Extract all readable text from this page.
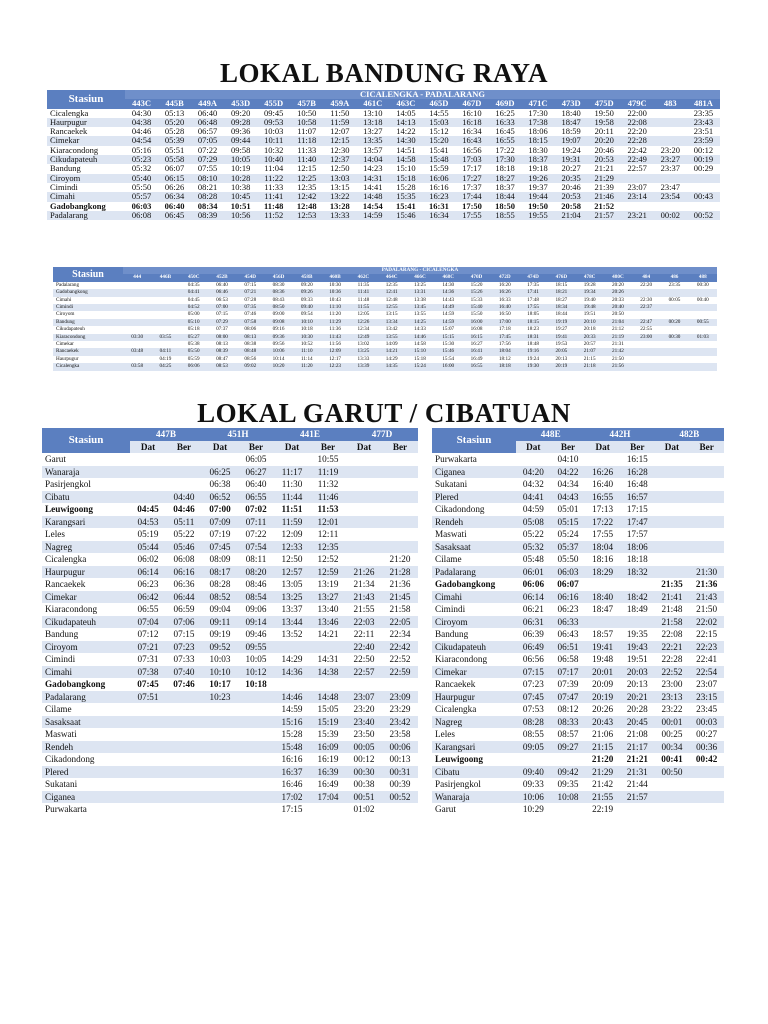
LOKAL BANDUNG RAYA
Stasiun	CICALENGKA - PADALARANG																	
	443C	445B	449A	453D	455D	457B	459A	461C	463C	465D	467D	469D	471C	473D	475D	479C	483	481A
Cicalengka	04:30	05:13	06:40	09:20	09:45	10:50	11:50	13:10	14:05	14:55	16:10	16:25	17:30	18:40	19:50	22:00		23:35
Haurpugur	04:38	05:20	06:48	09:28	09:53	10:58	11:59	13:18	14:13	15:03	16:18	16:33	17:38	18:47	19:58	22:08		23:43
Rancaekek	04:46	05:28	06:57	09:36	10:03	11:07	12:07	13:27	14:22	15:12	16:34	16:45	18:06	18:59	20:11	22:20		23:51
Cimekar	04:54	05:39	07:05	09:44	10:11	11:18	12:15	13:35	14:30	15:20	16:43	16:55	18:15	19:07	20:20	22:28		23:59
Kiaracondong	05:16	05:51	07:22	09:58	10:32	11:33	12:30	13:57	14:51	15:41	16:56	17:22	18:30	19:24	20:46	22:42	23:20	00:12
Cikudapateuh	05:23	05:58	07:29	10:05	10:40	11:40	12:37	14:04	14:58	15:48	17:03	17:30	18:37	19:31	20:53	22:49	23:27	00:19
Bandung	05:32	06:07	07:55	10:19	11:04	12:15	12:50	14:23	15:10	15:59	17:17	18:18	19:18	20:27	21:21	22:57	23:37	00:29
Ciroyom	05:40	06:15	08:10	10:28	11:22	12:25	13:03	14:31	15:18	16:06	17:27	18:27	19:26	20:35	21:29			
Cimindi	05:50	06:26	08:21	10:38	11:33	12:35	13:15	14:41	15:28	16:16	17:37	18:37	19:37	20:46	21:39	23:07	23:47	
Cimahi	05:57	06:34	08:28	10:45	11:41	12:42	13:22	14:48	15:35	16:23	17:44	18:44	19:44	20:53	21:46	23:14	23:54	00:43
Gadobangkong	06:03	06:40	08:34	10:51	11:48	12:48	13:28	14:54	15:41	16:31	17:50	18:50	19:50	20:58	21:52			
Padalarang	06:08	06:45	08:39	10:56	11:52	12:53	13:33	14:59	15:46	16:34	17:55	18:55	19:55	21:04	21:57	23:21	00:02	00:52
Stasiun	PADALARANG - CICALENGKA																				
	444	446B	450C	452B	454D	456D	458B	460B	462C	464C	466C	468C	470D	472D	474D	476D	478C	480C	484	486	488
Padalarang			04:35	06:40	07:15	08:30	09:20	10:30	11:35	12:35	13:25	14:30	15:20	16:20	17:35	18:15	19:28	20:20	22:20	23:35	00:30
Gadobangkong			04:41	06:46	07:21	08:36	09:26	10:36	11:41	12:41	13:31	14:36	15:26	16:26	17:41	18:21	19:34	20:26			
Cimahi			04:45	06:53	07:28	08:43	09:33	10:43	11:48	12:48	13:38	14:43	15:33	16:33	17:48	18:27	19:40	20:33	22:30	00:05	00:40
Cimindi			04:52	07:00	07:35	08:50	09:40	11:10	11:55	12:55	13:45	14:49	15:40	16:40	17:55	18:34	19:48	20:40	22:37		
Ciroyom			05:00	07:15	07:46	09:00	09:54	11:20	12:05	13:15	13:55	14:59	15:50	16:50	18:05	18:44	19:51	20:50			
Bandung			05:10	07:29	07:58	09:08	10:10	11:29	12:26	13:34	14:25	14:59	16:00	17:00	18:15	19:19	20:10	21:04	22:47	00:20	00:55
Cikudapateuh			05:18	07:37	08:06	09:16	10:18	11:36	12:34	13:42	14:33	15:07	16:08	17:18	18:23	19:27	20:18	21:12	22:55		
Kiaracondong	03:30	03:55	05:27	08:00	08:13	09:36	10:30	11:43	12:49	13:55	14:46	15:15	16:15	17:45	18:31	19:41	20:33	21:19	23:00	00:30	01:03
Cimekar			05:38	08:13	08:38	09:56	10:52	11:56	13:02	14:09	14:58	15:30	16:27	17:56	18:48	19:53	20:57	21:31			
Rancaekek	03:48	04:11	05:50	08:39	08:48	10:06	11:10	12:09	13:25	14:21	15:10	15:46	16:41	18:04	19:16	20:05	21:07	21:42			
Haurpugur		04:19	05:59	08:47	08:56	10:14	11:14	12:17	13:33	14:29	15:18	15:54	16:49	18:12	19:24	20:13	21:15	21:50			
Cicalengka	03:58	04:25	06:06	08:53	09:02	10:20	11:20	12:23	13:39	14:35	15:24	16:00	16:55	18:18	19:30	20:19	21:18	21:56			
LOKAL GARUT / CIBATUAN
Stasiun	447B		451H		441E		477D	
	Dat	Ber	Dat	Ber	Dat	Ber	Dat	Ber
Garut				06:05		10:55		
Wanaraja			06:25	06:27	11:17	11:19		
Pasirjengkol			06:38	06:40	11:30	11:32		
Cibatu		04:40	06:52	06:55	11:44	11:46		
Leuwigoong	04:45	04:46	07:00	07:02	11:51	11:53		
Karangsari	04:53	05:11	07:09	07:11	11:59	12:01		
Leles	05:19	05:22	07:19	07:22	12:09	12:11		
Nagreg	05:44	05:46	07:45	07:54	12:33	12:35		
Cicalengka	06:02	06:08	08:09	08:11	12:50	12:52		21:20
Haurpugur	06:14	06:16	08:17	08:20	12:57	12:59	21:26	21:28
Rancaekek	06:23	06:36	08:28	08:46	13:05	13:19	21:34	21:36
Cimekar	06:42	06:44	08:52	08:54	13:25	13:27	21:43	21:45
Kiaracondong	06:55	06:59	09:04	09:06	13:37	13:40	21:55	21:58
Cikudapateuh	07:04	07:06	09:11	09:14	13:44	13:46	22:03	22:05
Bandung	07:12	07:15	09:19	09:46	13:52	14:21	22:11	22:34
Ciroyom	07:21	07:23	09:52	09:55			22:40	22:42
Cimindi	07:31	07:33	10:03	10:05	14:29	14:31	22:50	22:52
Cimahi	07:38	07:40	10:10	10:12	14:36	14:38	22:57	22:59
Gadobangkong	07:45	07:46	10:17	10:18				
Padalarang	07:51		10:23		14:46	14:48	23:07	23:09
Cilame					14:59	15:05	23:20	23:29
Sasaksaat					15:16	15:19	23:40	23:42
Maswati					15:28	15:39	23:50	23:58
Rendeh					15:48	16:09	00:05	00:06
Cikadondong					16:16	16:19	00:12	00:13
Plered					16:37	16:39	00:30	00:31
Sukatani					16:46	16:49	00:38	00:39
Ciganea					17:02	17:04	00:51	00:52
Purwakarta					17:15		01:02	
Stasiun	448E		442H		482B	
	Dat	Ber	Dat	Ber	Dat	Ber
Purwakarta		04:10		16:15		
Ciganea	04:20	04:22	16:26	16:28		
Sukatani	04:32	04:34	16:40	16:48		
Plered	04:41	04:43	16:55	16:57		
Cikadondong	04:59	05:01	17:13	17:15		
Rendeh	05:08	05:15	17:22	17:47		
Maswati	05:22	05:24	17:55	17:57		
Sasaksaat	05:32	05:37	18:04	18:06		
Cilame	05:48	05:50	18:16	18:18		
Padalarang	06:01	06:03	18:29	18:32		21:30
Gadobangkong	06:06	06:07			21:35	21:36
Cimahi	06:14	06:16	18:40	18:42	21:41	21:43
Cimindi	06:21	06:23	18:47	18:49	21:48	21:50
Ciroyom	06:31	06:33			21:58	22:02
Bandung	06:39	06:43	18:57	19:35	22:08	22:15
Cikudapateuh	06:49	06:51	19:41	19:43	22:21	22:23
Kiaracondong	06:56	06:58	19:48	19:51	22:28	22:41
Cimekar	07:15	07:17	20:01	20:03	22:52	22:54
Rancaekek	07:23	07:39	20:09	20:13	23:00	23:07
Haurpugur	07:45	07:47	20:19	20:21	23:13	23:15
Cicalengka	07:53	08:12	20:26	20:28	23:22	23:45
Nagreg	08:28	08:33	20:43	20:45	00:01	00:03
Leles	08:55	08:57	21:06	21:08	00:25	00:27
Karangsari	09:05	09:27	21:15	21:17	00:34	00:36
Leuwigoong			21:20	21:21	00:41	00:42
Cibatu	09:40	09:42	21:29	21:31	00:50	
Pasirjengkol	09:33	09:35	21:42	21:44		
Wanaraja	10:06	10:08	21:55	21:57		
Garut	10:29		22:19			
